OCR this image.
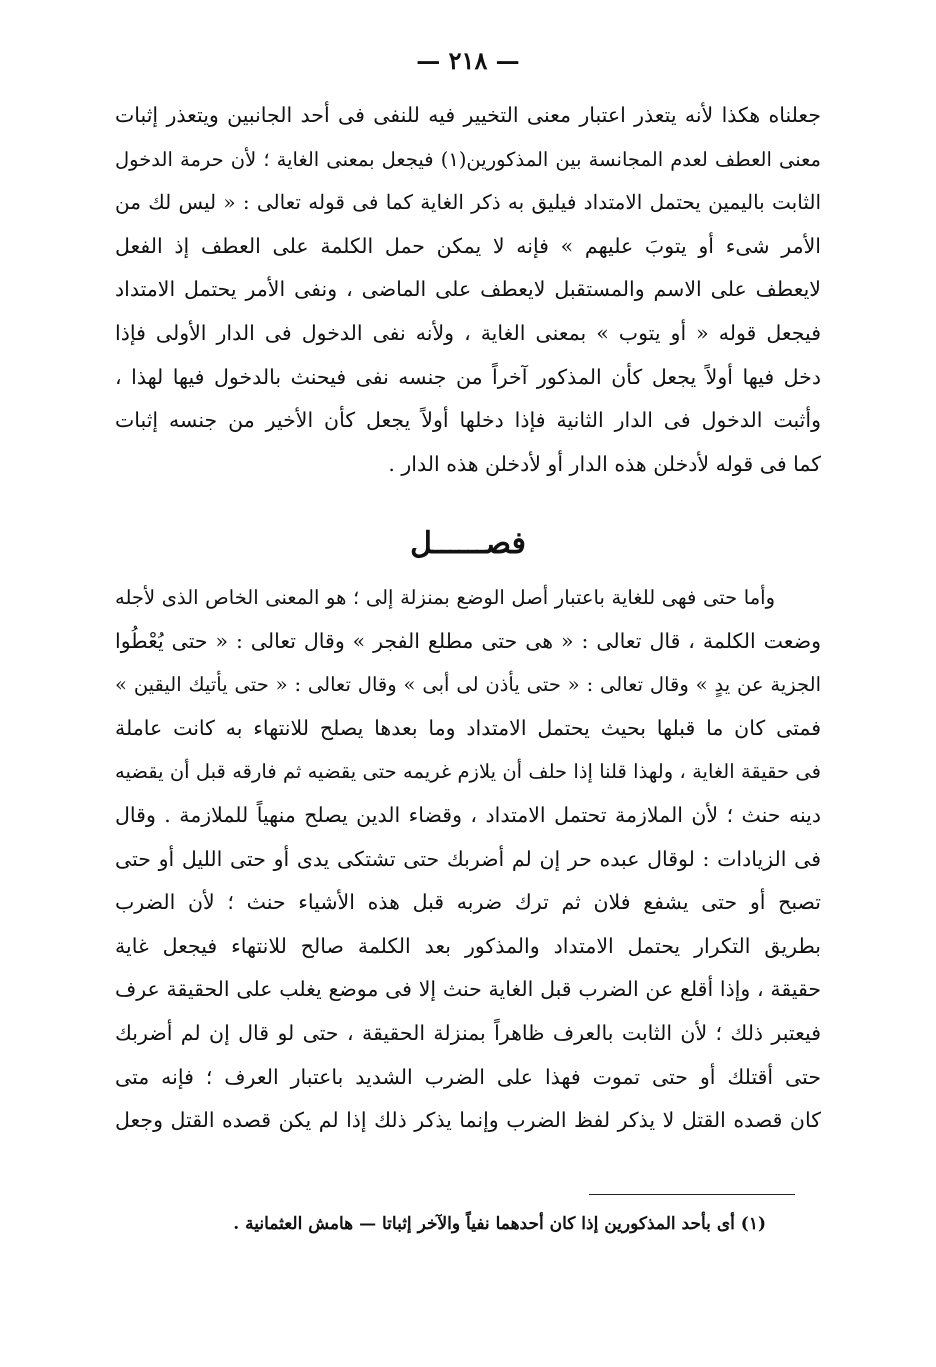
— ٢١٨ —
جعلناه هكذا لأنه يتعذر اعتبار معنى التخيير فيه للنفى فى أحد الجانبين ويتعذر إثبات
معنى العطف لعدم المجانسة بين المذكورين(١) فيجعل بمعنى الغاية ؛ لأن حرمة الدخول
الثابت باليمين يحتمل الامتداد فيليق به ذكر الغاية كما فى قوله تعالى : « ليس لك من
الأمر شىء أو يتوبَ عليهم » فإنه لا يمكن حمل الكلمة على العطف إذ الفعل
لايعطف على الاسم والمستقبل لايعطف على الماضى ، ونفى الأمر يحتمل الامتداد
فيجعل قوله « أو يتوب » بمعنى الغاية ، ولأنه نفى الدخول فى الدار الأولى فإذا
دخل فيها أولاً يجعل كأن المذكور آخراً من جنسه نفى فيحنث بالدخول فيها لهذا ،
وأثبت الدخول فى الدار الثانية فإذا دخلها أولاً يجعل كأن الأخير من جنسه إثبات
كما فى قوله لأدخلن هذه الدار أو لأدخلن هذه الدار .
فصــــــل
وأما حتى فهى للغاية باعتبار أصل الوضع بمنزلة إلى ؛ هو المعنى الخاص الذى لأجله
وضعت الكلمة ، قال تعالى : « هى حتى مطلع الفجر » وقال تعالى : « حتى يُعْطُوا
الجزية عن يدٍ » وقال تعالى : « حتى يأذن لى أبى » وقال تعالى : « حتى يأتيك اليقين »
فمتى كان ما قبلها بحيث يحتمل الامتداد وما بعدها يصلح للانتهاء به كانت عاملة
فى حقيقة الغاية ، ولهذا قلنا إذا حلف أن يلازم غريمه حتى يقضيه ثم فارقه قبل أن يقضيه
دينه حنث ؛ لأن الملازمة تحتمل الامتداد ، وقضاء الدين يصلح منهياً للملازمة . وقال
فى الزيادات : لوقال عبده حر إن لم أضربك حتى تشتكى يدى أو حتى الليل أو حتى
تصبح أو حتى يشفع فلان ثم ترك ضربه قبل هذه الأشياء حنث ؛ لأن الضرب
بطريق التكرار يحتمل الامتداد والمذكور بعد الكلمة صالح للانتهاء فيجعل غاية
حقيقة ، وإذا أقلع عن الضرب قبل الغاية حنث إلا فى موضع يغلب على الحقيقة عرف
فيعتبر ذلك ؛ لأن الثابت بالعرف ظاهراً بمنزلة الحقيقة ، حتى لو قال إن لم أضربك
حتى أقتلك أو حتى تموت فهذا على الضرب الشديد باعتبار العرف ؛ فإنه متى
كان قصده القتل لا يذكر لفظ الضرب وإنما يذكر ذلك إذا لم يكن قصده القتل وجعل
(١) أى بأحد المذكورين إذا كان أحدهما نفياً والآخر إثباتا — هامش العثمانية .
